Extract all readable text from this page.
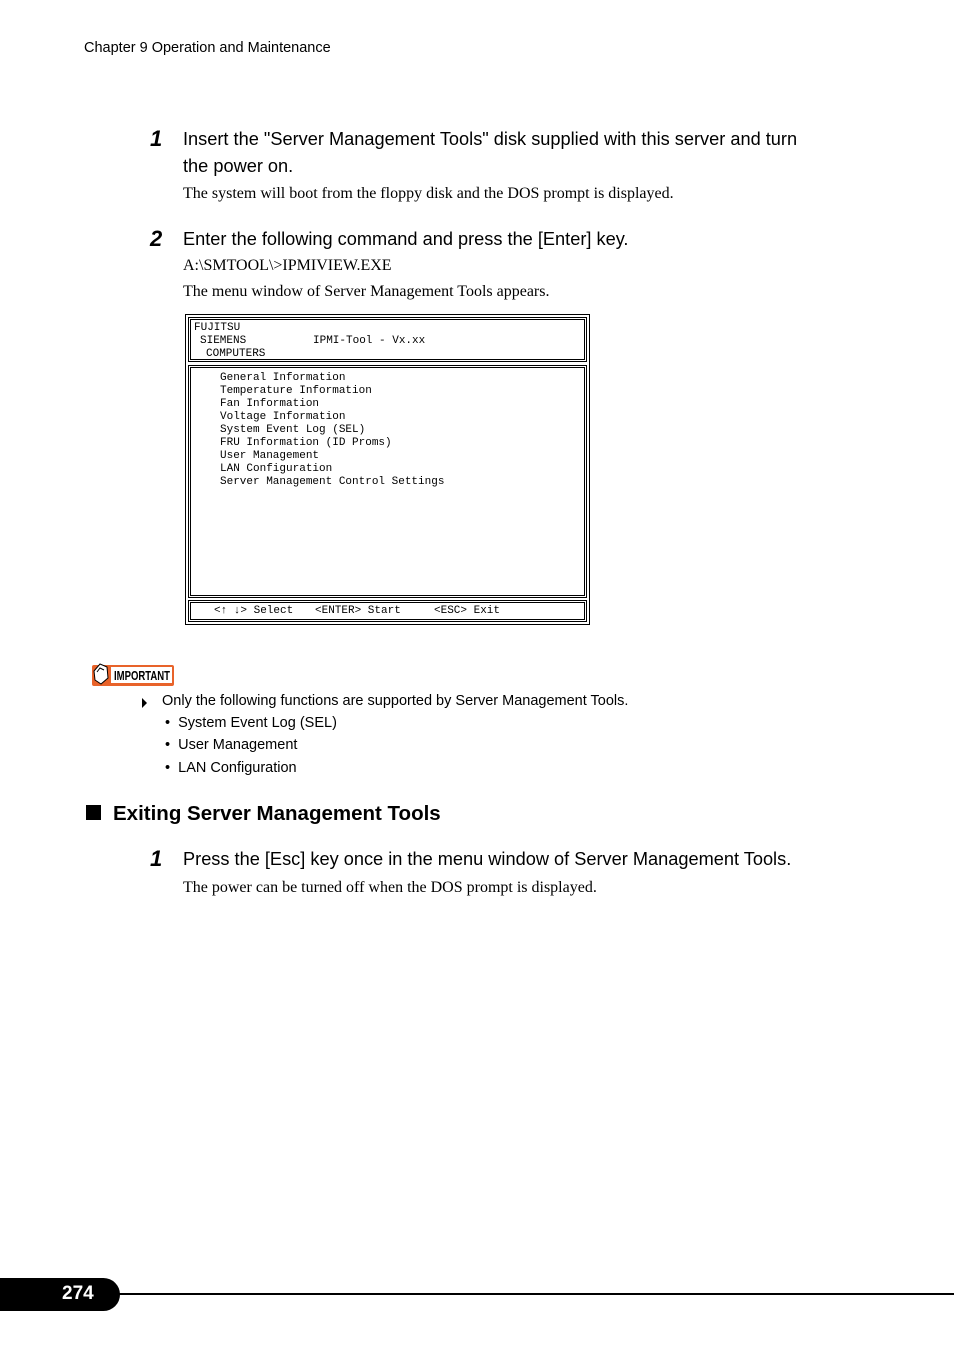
Chapter 9 Operation and Maintenance
1 Insert the "Server Management Tools" disk supplied with this server and turn
the power on.
The system will boot from the floppy disk and the DOS prompt is displayed.
2 Enter the following command and press the [Enter] key.
A:\SMTOOL\>IPMIVIEW.EXE
The menu window of Server Management Tools appears.
FUJITSU
SIEMENS
COMPUTERS
IPMI-Tool - Vx.xx
General Information
Temperature Information
Fan Information
Voltage Information
System Event Log (SEL)
FRU Information (ID Proms)
User Management
LAN Configuration
Server Management Control Settings
<↑ ↓> Select <ENTER> Start	<ESC> Exit
IMPORTANT
Only the following functions are supported by Server Management Tools.
•  System Event Log (SEL)
•  User Management
•  LAN Configuration
Exiting Server Management Tools
1 Press the [Esc] key once in the menu window of Server Management Tools.
The power can be turned off when the DOS prompt is displayed.
274
